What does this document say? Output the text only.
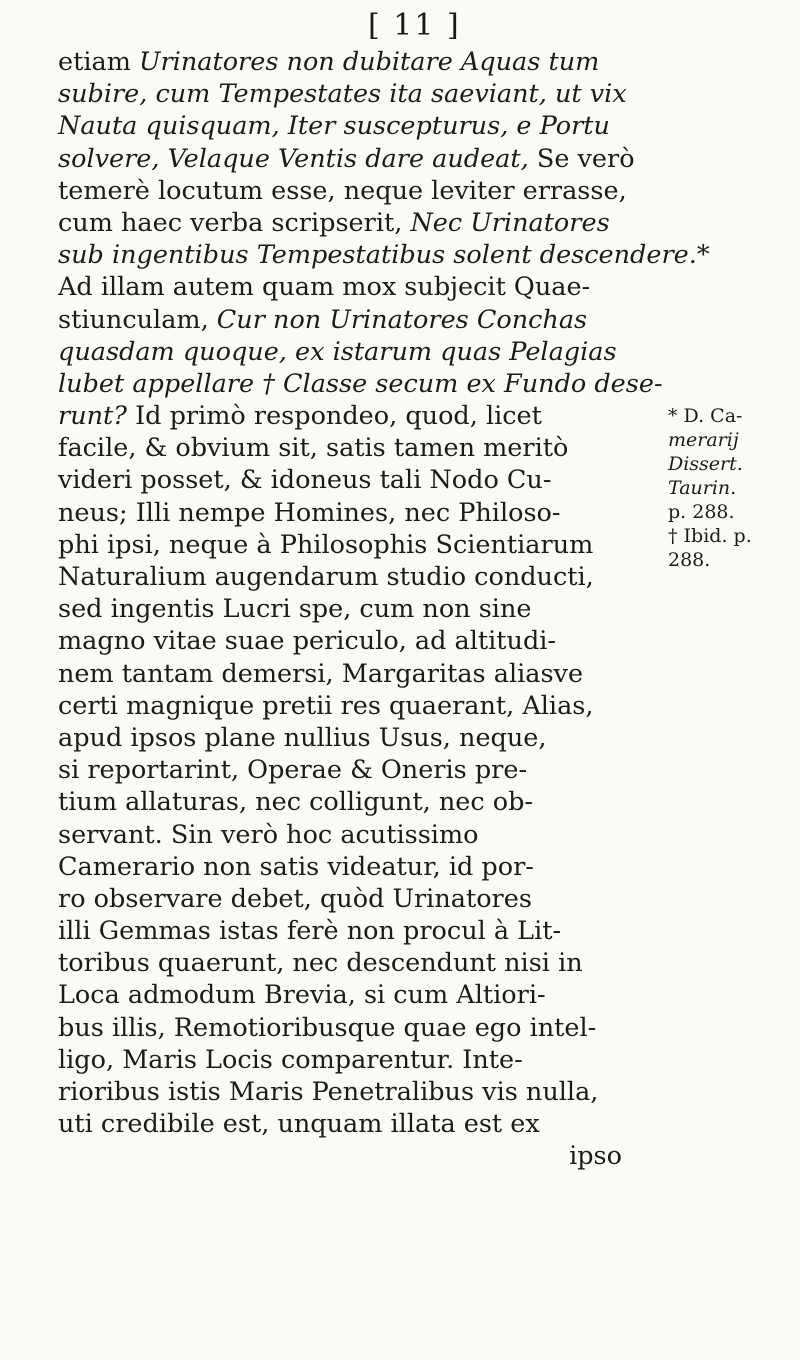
[ 11 ]
etiam Urinatores non dubitare Aquas tum
subire, cum Tempestates ita saeviant, ut vix
Nauta quisquam, Iter suscepturus, e Portu
solvere, Velaque Ventis dare audeat, Se verò
temerè locutum esse, neque leviter errasse,
cum haec verba scripserit, Nec Urinatores
sub ingentibus Tempestatibus solent descendere.*
Ad illam autem quam mox subjecit Quae-
stiunculam, Cur non Urinatores Conchas
quasdam quoque, ex istarum quas Pelagias
lubet appellare † Classe secum ex Fundo dese-
runt? Id primò respondeo, quod, licet
facile, & obvium sit, satis tamen meritò
videri posset, & idoneus tali Nodo Cu-
neus; Illi nempe Homines, nec Philoso-
phi ipsi, neque à Philosophis Scientiarum
Naturalium augendarum studio conducti,
sed ingentis Lucri spe, cum non sine
magno vitae suae periculo, ad altitudi-
nem tantam demersi, Margaritas aliasve
certi magnique pretii res quaerant, Alias,
apud ipsos plane nullius Usus, neque,
si reportarint, Operae & Oneris pre-
tium allaturas, nec colligunt, nec ob-
servant. Sin verò hoc acutissimo
Camerario non satis videatur, id por-
ro observare debet, quòd Urinatores
illi Gemmas istas ferè non procul à Lit-
toribus quaerunt, nec descendunt nisi in
Loca admodum Brevia, si cum Altiori-
bus illis, Remotioribusque quae ego intel-
ligo, Maris Locis comparentur. Inte-
rioribus istis Maris Penetralibus vis nulla,
uti credibile est, unquam illata est ex
ipso
* D. Ca-
merarij
Dissert.
Taurin.
p. 288.
† Ibid. p.
288.
